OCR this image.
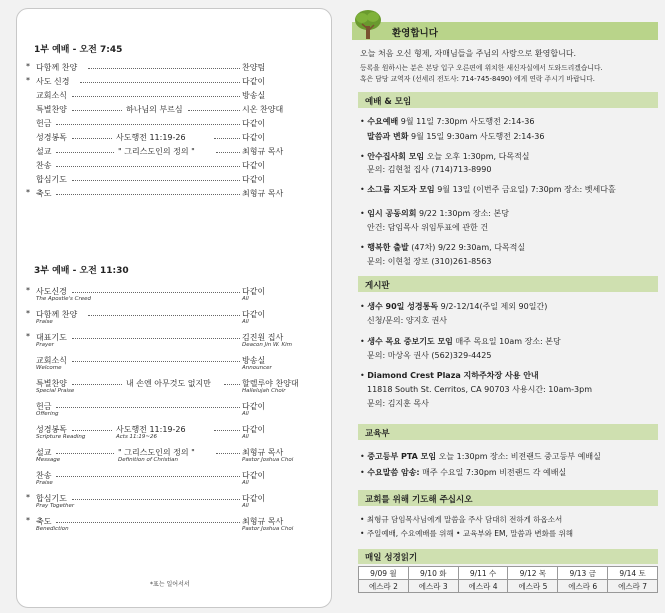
1부 예배 - 오전 7:45
* 다함께 찬양	찬양팀
* 사도 신경	다같이
교회소식	방송실
특별찬양	하나님의 부르심	시온 찬양대
헌금	다같이
성경봉독	사도행전 11:19-26	다같이
설교	" 그리스도인의 정의 "	최형규 목사
찬송	다같이
합심기도	다같이
* 축도	최형규 목사
3부 예배 - 오전 11:30
* 사도신경	다같이
The Apostle's Creed	All
* 다함께 찬양	다같이
Praise	All
* 대표기도	김진원 집사
Prayer	Deacon Jin W. Kim
교회소식	방송실
Welcome	Announcer
특별찬양	내 손엔 아무것도 없지만	할렐루야 찬양대
Special Praise	Hallelujah Choir
헌금	다같이
Offering	All
성경봉독	사도행전 11:19-26	다같이
Scripture Reading	Acts 11:19~26	All
설교	" 그리스도인의 정의 "	최형규 목사
Message	Definition of Christian	Pastor Joshua Choi
찬송	다같이
Praise	All
* 합심기도	다같이
Pray Together	All
* 축도	최형규 목사
Benediction	Pastor Joshua Choi
*표는 일어서서
환영합니다
오늘 처음 오신 형제, 자매님들을 주님의 사랑으로 환영합니다.
등록을 원하시는 분은 본당 입구 오른편에 위치한 새신자실에서 도와드리겠습니다.
혹은 담당 교역자 (선세리 전도사: 714-745-8490) 에게 연락 주시기 바랍니다.
예배 & 모임
• 수요예배 9월 11일 7:30pm 사도행전 2:14-36
말씀과 변화 9월 15일 9:30am 사도행전 2:14-36
• 안수집사회 모임 오늘 오후 1:30pm, 다목적실
문의: 김현철 집사 (714)713-8990
• 소그룹 지도자 모임 9월 13일 (이번주 금요일) 7:30pm 장소: 벳세다홀
• 임시 공동의회 9/22 1:30pm 장소: 본당
안건: 담임목사 위임투표에 관한 건
• 행복한 출발 (47차) 9/22 9:30am, 다목적실
문의: 이현철 장로 (310)261-8563
게시판
• 생수 90일 성경통독 9/2-12/14(주일 제외 90일간)
신청/문의: 양지호 권사
• 생수 목요 중보기도 모임 매주 목요일 10am 장소: 본당
문의: 마상옥 권사 (562)329-4425
• Diamond Crest Plaza 지하주차장 사용 안내
11818 South St. Cerritos, CA 90703 사용시간: 10am-3pm
문의: 김지훈 목사
교육부
• 중고등부 PTA 모임 오늘 1:30pm 장소: 비전랜드 중고등부 예배실
• 수요말씀 암송: 매주 수요일 7:30pm 비전랜드 각 예배실
교회를 위해 기도해 주십시오
• 최형규 담임목사님에게 말씀을 주사 담대히 전하게 하옵소서
• 주일예배, 수요예배를 위해 • 교육부와 EM, 말씀과 변화를 위해
매일 성경읽기
9/09 월	9/10 화	9/11 수	9/12 목	9/13 금	9/14 토
에스라 2	에스라 3	에스라 4	에스라 5	에스라 6	에스라 7
